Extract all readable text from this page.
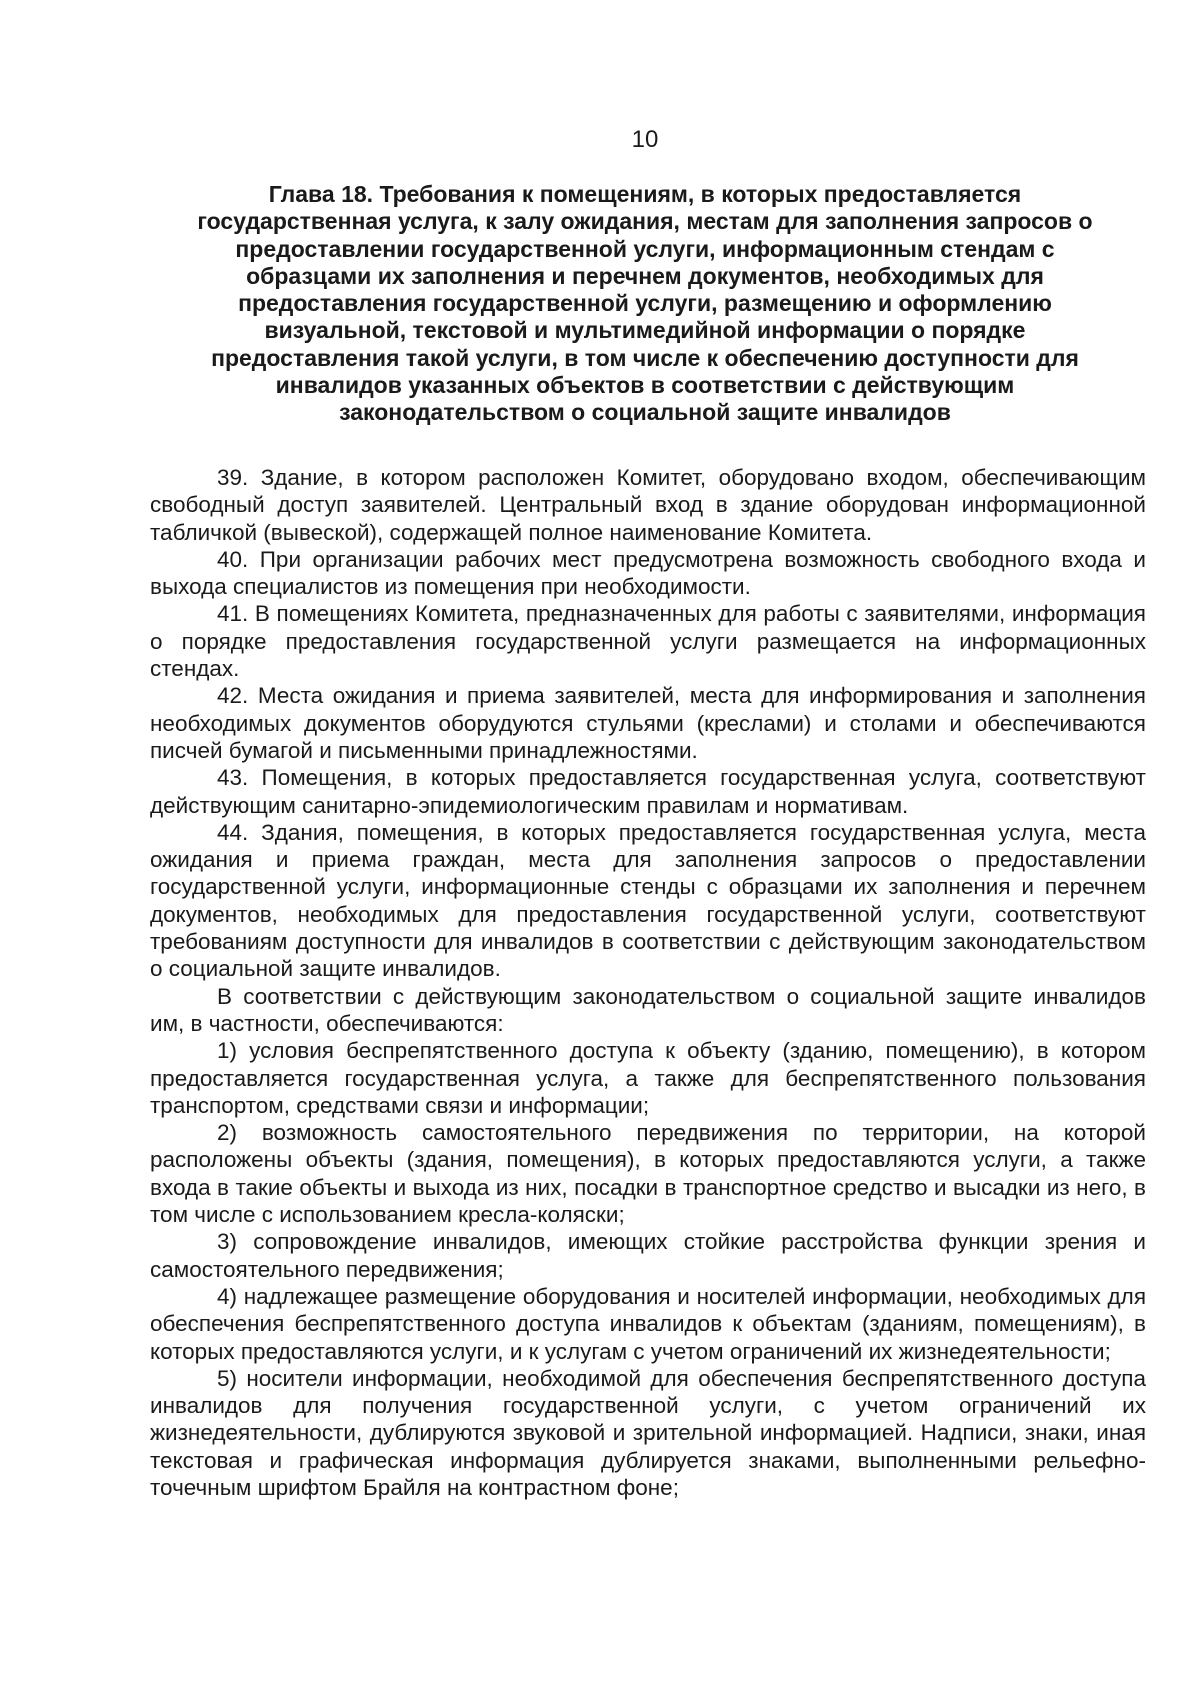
10
Глава 18. Требования к помещениям, в которых предоставляется государственная услуга, к залу ожидания, местам для заполнения запросов о предоставлении государственной услуги, информационным стендам с образцами их заполнения и перечнем документов, необходимых для предоставления государственной услуги, размещению и оформлению визуальной, текстовой и мультимедийной информации о порядке предоставления такой услуги, в том числе к обеспечению доступности для инвалидов указанных объектов в соответствии с действующим законодательством о социальной защите инвалидов

39. Здание, в котором расположен Комитет, оборудовано входом, обеспечивающим свободный доступ заявителей. Центральный вход в здание оборудован информационной табличкой (вывеской), содержащей полное наименование Комитета.

40. При организации рабочих мест предусмотрена возможность свободного входа и выхода специалистов из помещения при необходимости.

41. В помещениях Комитета, предназначенных для работы с заявителями, информация о порядке предоставления государственной услуги размещается на информационных стендах.

42. Места ожидания и приема заявителей, места для информирования и заполнения необходимых документов оборудуются стульями (креслами) и столами и обеспечиваются писчей бумагой и письменными принадлежностями.

43. Помещения, в которых предоставляется государственная услуга, соответствуют действующим санитарно-эпидемиологическим правилам и нормативам.

44. Здания, помещения, в которых предоставляется государственная услуга, места ожидания и приема граждан, места для заполнения запросов о предоставлении государственной услуги, информационные стенды с образцами их заполнения и перечнем документов, необходимых для предоставления государственной услуги, соответствуют требованиям доступности для инвалидов в соответствии с действующим законодательством о социальной защите инвалидов.

В соответствии с действующим законодательством о социальной защите инвалидов им, в частности, обеспечиваются:

1) условия беспрепятственного доступа к объекту (зданию, помещению), в котором предоставляется государственная услуга, а также для беспрепятственного пользования транспортом, средствами связи и информации;

2) возможность самостоятельного передвижения по территории, на которой расположены объекты (здания, помещения), в которых предоставляются услуги, а также входа в такие объекты и выхода из них, посадки в транспортное средство и высадки из него, в том числе с использованием кресла-коляски;

3) сопровождение инвалидов, имеющих стойкие расстройства функции зрения и самостоятельного передвижения;

4) надлежащее размещение оборудования и носителей информации, необходимых для обеспечения беспрепятственного доступа инвалидов к объектам (зданиям, помещениям), в которых предоставляются услуги, и к услугам с учетом ограничений их жизнедеятельности;

5) носители информации, необходимой для обеспечения беспрепятственного доступа инвалидов для получения государственной услуги, с учетом ограничений их жизнедеятельности, дублируются звуковой и зрительной информацией. Надписи, знаки, иная текстовая и графическая информация дублируется знаками, выполненными рельефно-точечным шрифтом Брайля на контрастном фоне;
